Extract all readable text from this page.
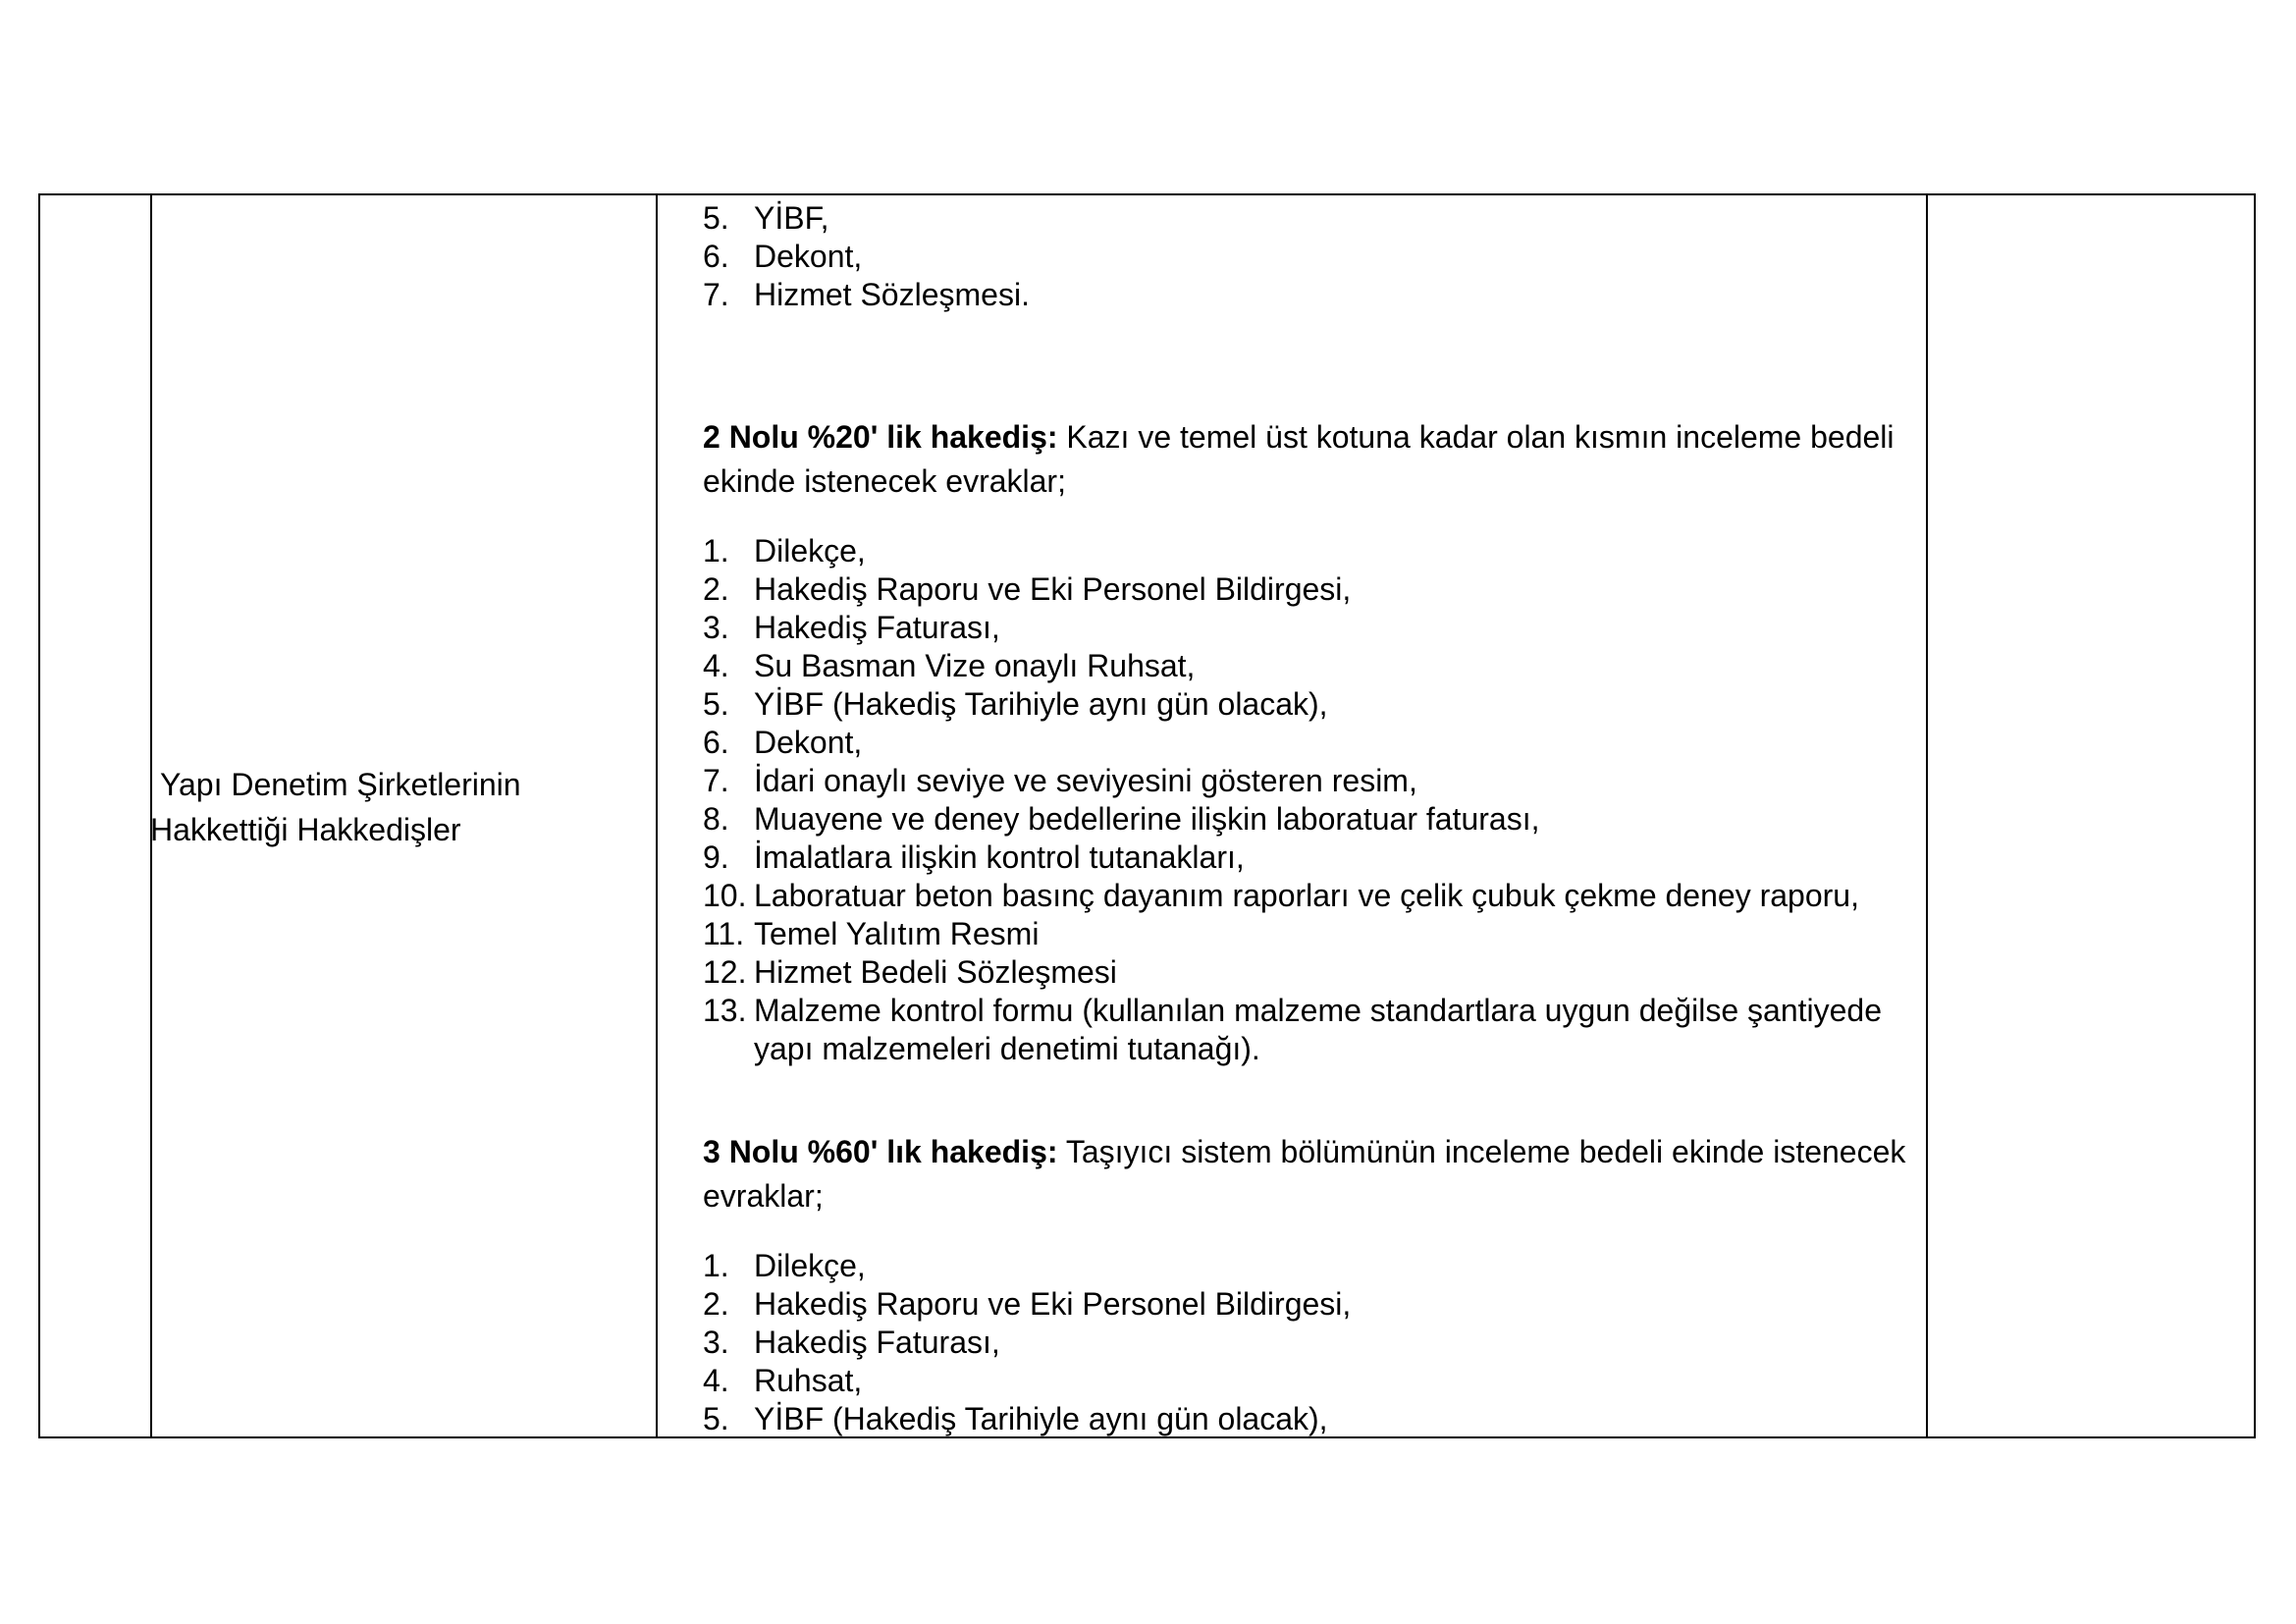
Yapı Denetim Şirketlerinin
Hakkettiği Hakkedişler
5. YİBF,
6. Dekont,
7. Hizmet Sözleşmesi.
2 Nolu %20' lik hakediş: Kazı ve temel üst kotuna kadar olan kısmın inceleme bedeli ekinde istenecek evraklar;
1. Dilekçe,
2. Hakediş Raporu ve Eki Personel Bildirgesi,
3. Hakediş Faturası,
4. Su Basman Vize onaylı Ruhsat,
5. YİBF (Hakediş Tarihiyle aynı gün olacak),
6. Dekont,
7. İdari onaylı seviye ve seviyesini gösteren resim,
8. Muayene ve deney bedellerine ilişkin laboratuar faturası,
9. İmalatlara ilişkin kontrol tutanakları,
10. Laboratuar beton basınç dayanım raporları ve çelik çubuk çekme deney raporu,
11. Temel Yalıtım Resmi
12. Hizmet Bedeli Sözleşmesi
13. Malzeme kontrol formu (kullanılan malzeme standartlara uygun değilse şantiyede yapı malzemeleri denetimi tutanağı).
3 Nolu %60' lık hakediş: Taşıyıcı sistem bölümünün inceleme bedeli ekinde istenecek evraklar;
1. Dilekçe,
2. Hakediş Raporu ve Eki Personel Bildirgesi,
3. Hakediş Faturası,
4. Ruhsat,
5. YİBF (Hakediş Tarihiyle aynı gün olacak),
